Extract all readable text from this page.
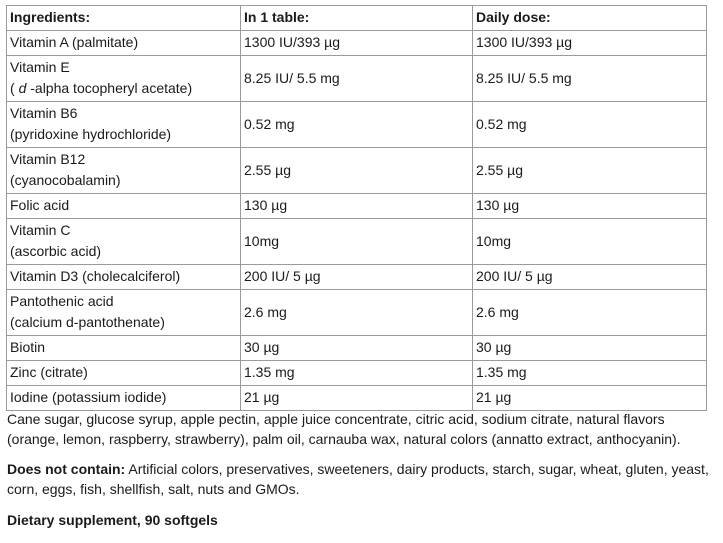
Ingredients:	In 1 table:	Daily dose:
Vitamin A (palmitate)	1300 IU/393 µg	1300 IU/393 µg
Vitamin E
( d -alpha tocopheryl acetate)	8.25 IU/ 5.5 mg	8.25 IU/ 5.5 mg
Vitamin B6
(pyridoxine hydrochloride)	0.52 mg	0.52 mg
Vitamin B12
(cyanocobalamin)	2.55 µg	2.55 µg
Folic acid	130 µg	130 µg
Vitamin C
(ascorbic acid)	10mg	10mg
Vitamin D3 (cholecalciferol)	200 IU/ 5 µg	200 IU/ 5 µg
Pantothenic acid
(calcium d-pantothenate)	2.6 mg	2.6 mg
Biotin	30 µg	30 µg
Zinc (citrate)	1.35 mg	1.35 mg
Iodine (potassium iodide)	21 µg	21 µg

Cane sugar, glucose syrup, apple pectin, apple juice concentrate, citric acid, sodium citrate, natural flavors (orange, lemon, raspberry, strawberry), palm oil, carnauba wax, natural colors (annatto extract, anthocyanin).

Does not contain: Artificial colors, preservatives, sweeteners, dairy products, starch, sugar, wheat, gluten, yeast, corn, eggs, fish, shellfish, salt, nuts and GMOs.

Dietary supplement, 90 softgels
